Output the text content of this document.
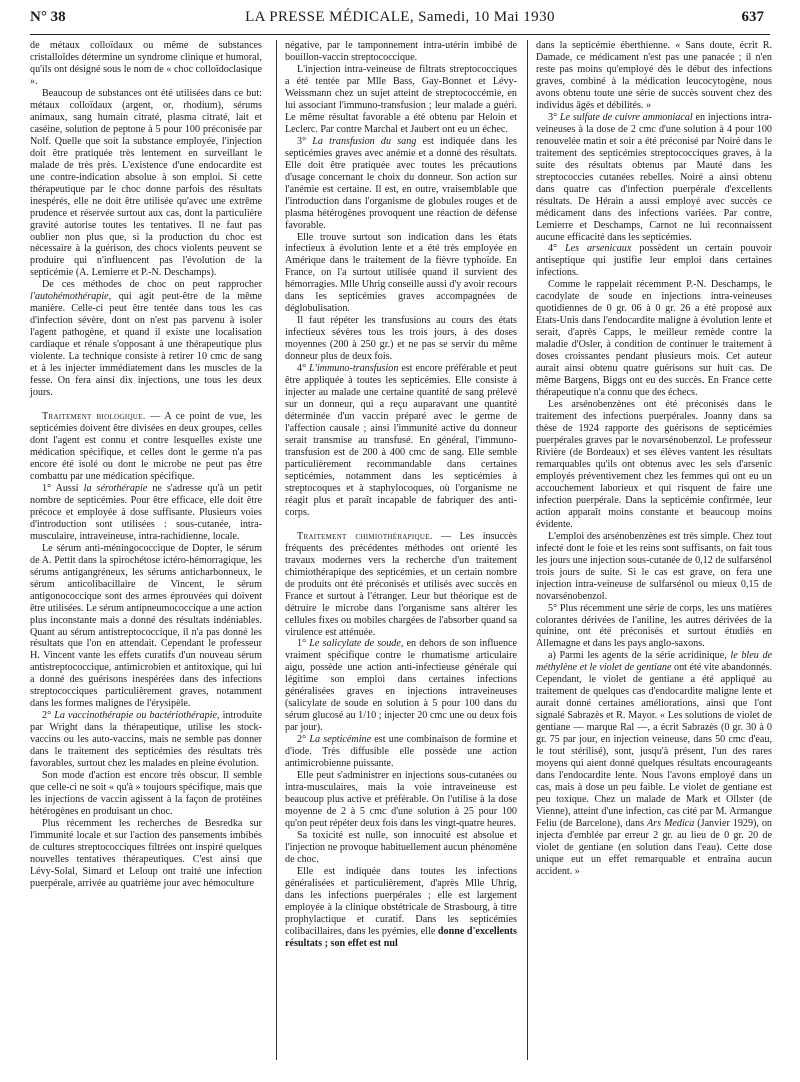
N° 38	LA PRESSE MÉDICALE, Samedi, 10 Mai 1930	637

de métaux colloïdaux ou même de substances cristalloïdes détermine un syndrome clinique et humoral, qu'ils ont désigné sous le nom de « choc colloïdoclasique ».

Beaucoup de substances ont été utilisées dans ce but: métaux colloïdaux (argent, or, rhodium), sérums animaux, sang humain citraté, plasma citraté, lait et caséine, solution de peptone à 5 pour 100 préconisée par Nolf. Quelle que soit la substance employée, l'injection doit être pratiquée très lentement en surveillant le malade de très près. L'existence d'une endocardite est une contre-indication absolue à son emploi. Si cette thérapeutique par le choc donne parfois des résultats inespérés, elle ne doit être utilisée qu'avec une extrême prudence et réservée surtout aux cas, dont la particulière gravité autorise toutes les tentatives. Il ne faut pas oublier non plus que, si la production du choc est nécessaire à la guérison, des chocs violents peuvent se produire qui n'influencent pas l'évolution de la septicémie (A. Lemierre et P.-N. Deschamps).

De ces méthodes de choc on peut rapprocher l'autohémothérapie, qui agit peut-être de la même manière. Celle-ci peut être tentée dans tous les cas d'infection sévère, dont on n'est pas parvenu à isoler l'agent pathogène, et quand il existe une localisation cardiaque et rénale s'opposant à une thérapeutique plus violente. La technique consiste à retirer 10 cmc de sang et à les injecter immédiatement dans les muscles de la fesse. On fera ainsi dix injections, une tous les deux jours.

Traitement biologique. — A ce point de vue, les septicémies doivent être divisées en deux groupes, celles dont l'agent est connu et contre lesquelles existe une médication spécifique, et celles dont le germe n'a pas encore été isolé ou dont le microbe ne peut pas être combattu par une médication spécifique.

1° Aussi la sérothérapie ne s'adresse qu'à un petit nombre de septicémies. Pour être efficace, elle doit être précoce et employée à dose suffisante. Plusieurs voies d'introduction sont utilisées : sous-cutanée, intra-musculaire, intraveineuse, intra-rachidienne, locale.

Le sérum anti-méningococcique de Dopter, le sérum de A. Pettit dans la spirochétose ictéro-hémorragique, les sérums antigangréneux, les sérums anticharbonneux, le sérum anticolibacillaire de Vincent, le sérum antigonococcique sont des armes éprouvées qui doivent être utilisées. Le sérum antipneumococcique a une action plus inconstante mais a donné des résultats indéniables. Quant au sérum antistreptococcique, il n'a pas donné les résultats que l'on en attendait. Cependant le professeur H. Vincent vante les effets curatifs d'un nouveau sérum antistreptococcique, antimicrobien et antitoxique, qui lui a donné des guérisons inespérées dans des infections streptococciques particulièrement graves, notamment dans les formes malignes de l'érysipèle.

2° La vaccinothérapie ou bactériothérapie, introduite par Wright dans la thérapeutique, utilise les stock-vaccins ou les auto-vaccins, mais ne semble pas donner dans le traitement des septicémies des résultats très favorables, surtout chez les malades en pleine évolution.

Son mode d'action est encore très obscur. Il semble que celle-ci ne soit « qu'à » toujours spécifique, mais que les injections de vaccin agissent à la façon de protéines hétérogènes en produisant un choc.

Plus récemment les recherches de Besredka sur l'immunité locale et sur l'action des pansements imbibés de cultures streptococciques filtrées ont inspiré quelques nouvelles tentatives thérapeutiques. C'est ainsi que Lévy-Solal, Simard et Leloup ont traité une infection puerpérale, arrivée au quatrième jour avec hémoculture

négative, par le tamponnement intra-utérin imbibé de bouillon-vaccin streptococcique.

L'injection intra-veineuse de filtrats streptococciques a été tentée par Mlle Bass, Gay-Bonnet et Lévy-Weissmann chez un sujet atteint de streptococcémie, en lui associant l'immuno-transfusion ; leur malade a guéri. Le même résultat favorable a été obtenu par Heloin et Leclerc. Par contre Marchal et Jaubert ont eu un échec.

3° La transfusion du sang est indiquée dans les septicémies graves avec anémie et a donné des résultats. Elle doit être pratiquée avec toutes les précautions d'usage concernant le choix du donneur. Son action sur l'anémie est certaine. Il est, en outre, vraisemblable que l'introduction dans l'organisme de globules rouges et de plasma hétérogènes provoquent une réaction de défense favorable.

Elle trouve surtout son indication dans les états infectieux à évolution lente et a été très employée en Amérique dans le traitement de la fièvre typhoïde. En France, on l'a surtout utilisée quand il survient des hémorragies. Mlle Uhrig conseille aussi d'y avoir recours dans les septicémies graves accompagnées de déglobulisation.

Il faut répéter les transfusions au cours des états infectieux sévères tous les trois jours, à des doses moyennes (200 à 250 gr.) et ne pas se servir du même donneur plus de deux fois.

4° L'immuno-transfusion est encore préférable et peut être appliquée à toutes les septicémies. Elle consiste à injecter au malade une certaine quantité de sang prélevé sur un donneur, qui a reçu auparavant une quantité déterminée d'un vaccin préparé avec le germe de l'affection causale ; ainsi l'immunité active du donneur serait transmise au transfusé. En général, l'immuno-transfusion est de 200 à 400 cmc de sang. Elle semble particulièrement recommandable dans certaines septicémies, notamment dans les septicémies à streptocoques et à staphylocoques, où l'organisme ne réagit plus et paraît incapable de fabriquer des anti-corps.

Traitement chimiothérapique. — Les insuccès fréquents des précédentes méthodes ont orienté les travaux modernes vers la recherche d'un traitement chimiothérapique des septicémies, et un certain nombre de produits ont été préconisés et utilisés avec succès en France et surtout à l'étranger. Leur but théorique est de détruire le microbe dans l'organisme sans altérer les cellules fixes ou mobiles chargées de l'absorber quand sa virulence est atténuée.

1° Le salicylate de soude, en dehors de son influence vraiment spécifique contre le rhumatisme articulaire aigu, possède une action anti-infectieuse générale qui légitime son emploi dans certaines infections généralisées graves en injections intraveineuses (salicylate de soude en solution à 5 pour 100 dans du sérum glucosé au 1/10 ; injecter 20 cmc une ou deux fois par jour).

2° La septicémine est une combinaison de formine et d'iode. Très diffusible elle possède une action antimicrobienne puissante.

Elle peut s'administrer en injections sous-cutanées ou intra-musculaires, mais la voie intraveineuse est beaucoup plus active et préférable. On l'utilise à la dose moyenne de 2 à 5 cmc d'une solution à 25 pour 100 qu'on peut répéter deux fois dans les vingt-quatre heures.

Sa toxicité est nulle, son innocuité est absolue et l'injection ne provoque habituellement aucun phénomène de choc.

Elle est indiquée dans toutes les infections généralisées et particulièrement, d'après Mlle Uhrig, dans les infections puerpérales ; elle est largement employée à la clinique obstétricale de Strasbourg, à titre prophylactique et curatif. Dans les septicémies colibacillaires, dans les pyémies, elle donne d'excellents résultats ; son effet est nul

dans la septicémie éberthienne. « Sans doute, écrit R. Damade, ce médicament n'est pas une panacée ; il n'en reste pas moins qu'employé dès le début des infections graves, combiné à la médication leucocytogène, nous avons obtenu toute une série de succès souvent chez des individus âgés et débilités. »

3° Le sulfate de cuivre ammoniacal en injections intra-veineuses à la dose de 2 cmc d'une solution à 4 pour 100 renouvelée matin et soir a été préconisé par Noiré dans le traitement des septicémies streptococciques graves, à la suite des résultats obtenus par Mauté dans les streptococcies cutanées rebelles. Noiré a ainsi obtenu dans quatre cas d'infection puerpérale d'excellents résultats. De Hérain a aussi employé avec succès ce médicament dans des infections variées. Par contre, Lemierre et Deschamps, Carnot ne lui reconnaissent aucune efficacité dans les septicémies.

4° Les arsenicaux possèdent un certain pouvoir antiseptique qui justifie leur emploi dans certaines infections.

Comme le rappelait récemment P.-N. Deschamps, le cacodylate de soude en injections intra-veineuses quotidiennes de 0 gr. 06 à 0 gr. 26 a été proposé aux Etats-Unis dans l'endocardite maligne à évolution lente et serait, d'après Capps, le meilleur remède contre la maladie d'Osler, à condition de continuer le traitement à doses croissantes pendant plusieurs mois. Cet auteur aurait ainsi obtenu quatre guérisons sur huit cas. De même Bargens, Biggs ont eu des succès. En France cette thérapeutique n'a connu que des échecs.

Les arsénobenzènes ont été préconisés dans le traitement des infections puerpérales. Joanny dans sa thèse de 1924 rapporte des guérisons de septicémies puerpérales graves par le novarsénobenzol. Le professeur Rivière (de Bordeaux) et ses élèves vantent les résultats remarquables qu'ils ont obtenus avec les sels d'arsenic employés préventivement chez les femmes qui ont eu un accouchement laborieux et qui risquent de faire une infection puerpérale. Dans la septicémie confirmée, leur action apparaît moins constante et beaucoup moins évidente.

L'emploi des arsénobenzènes est très simple. Chez tout infecté dont le foie et les reins sont suffisants, on fait tous les jours une injection sous-cutanée de 0,12 de sulfarsénol trois jours de suite. Si le cas est grave, on fera une injection intra-veineuse de sulfarsénol ou mieux 0,15 de novarsénobenzol.

5° Plus récemment une série de corps, les uns matières colorantes dérivées de l'aniline, les autres dérivées de la quinine, ont été préconisés et surtout étudiés en Allemagne et dans les pays anglo-saxons.

a) Parmi les agents de la série acridinique, le bleu de méthylène et le violet de gentiane ont été vite abandonnés. Cependant, le violet de gentiane a été appliqué au traitement de quelques cas d'endocardite maligne lente et aurait donné certaines améliorations, ainsi que l'ont signalé Sabrazès et R. Mayor. « Les solutions de violet de gentiane — marque Ral —, a écrit Sabrazès (0 gr. 30 à 0 gr. 75 par jour, en injection veineuse, dans 50 cmc d'eau, le tout stérilisé), sont, jusqu'à présent, l'un des rares moyens qui aient donné quelques résultats encourageants dans l'endocardite lente. Nous l'avons employé dans un cas, mais à dose un peu faible. Le violet de gentiane est peu toxique. Chez un malade de Mark et Ollster (de Vienne), atteint d'une infection, cas cité par M. Armangue Feliu (de Barcelone), dans Ars Medica (Janvier 1929), on injecta d'emblée par erreur 2 gr. au lieu de 0 gr. 20 de violet de gentiane (en solution dans l'eau). Cette dose unique eut un effet remarquable et entraîna aucun accident. »
